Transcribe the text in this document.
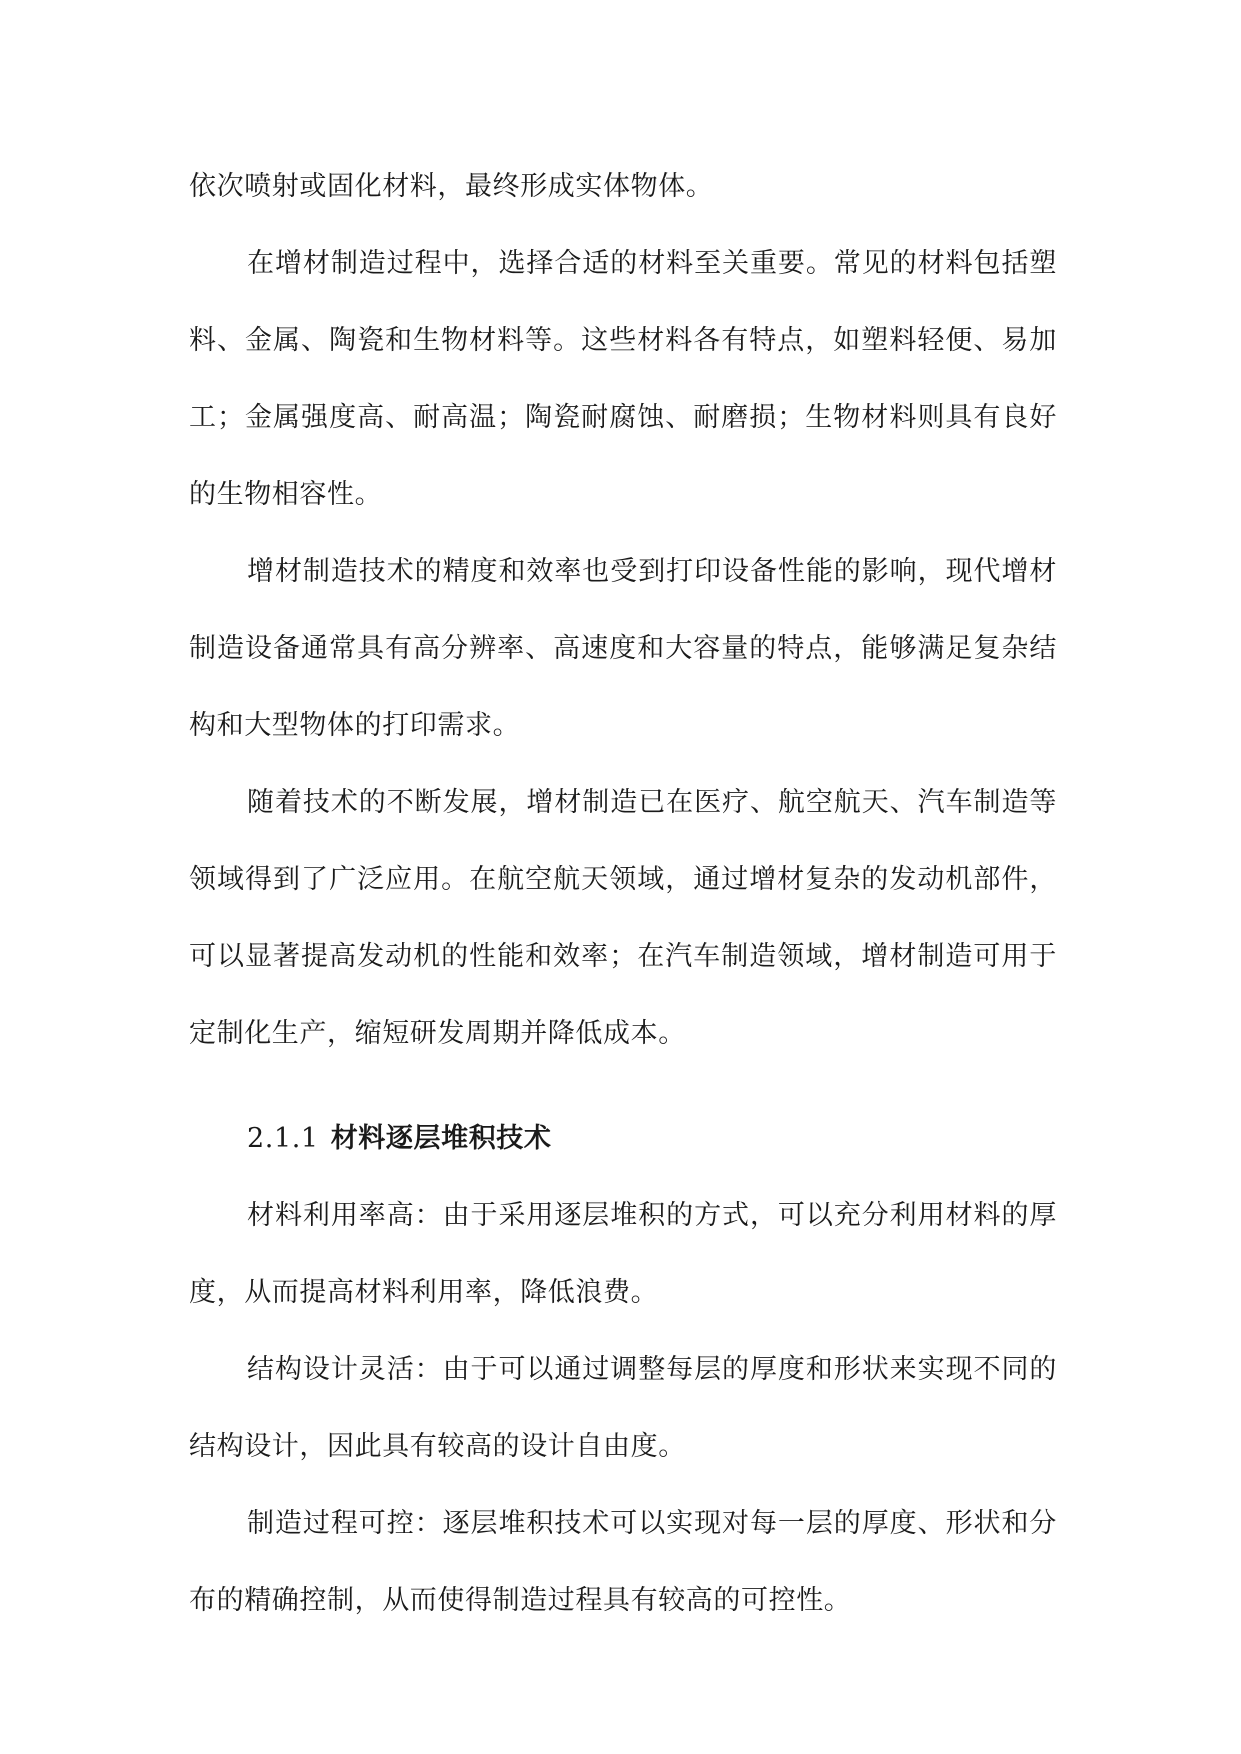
依次喷射或固化材料，最终形成实体物体。

在增材制造过程中，选择合适的材料至关重要。常见的材料包括塑料、金属、陶瓷和生物材料等。这些材料各有特点，如塑料轻便、易加工；金属强度高、耐高温；陶瓷耐腐蚀、耐磨损；生物材料则具有良好的生物相容性。

增材制造技术的精度和效率也受到打印设备性能的影响，现代增材制造设备通常具有高分辨率、高速度和大容量的特点，能够满足复杂结构和大型物体的打印需求。

随着技术的不断发展，增材制造已在医疗、航空航天、汽车制造等领域得到了广泛应用。在航空航天领域，通过增材复杂的发动机部件，可以显著提高发动机的性能和效率；在汽车制造领域，增材制造可用于定制化生产，缩短研发周期并降低成本。

2.1.1 材料逐层堆积技术

材料利用率高：由于采用逐层堆积的方式，可以充分利用材料的厚度，从而提高材料利用率，降低浪费。

结构设计灵活：由于可以通过调整每层的厚度和形状来实现不同的结构设计，因此具有较高的设计自由度。

制造过程可控：逐层堆积技术可以实现对每一层的厚度、形状和分布的精确控制，从而使得制造过程具有较高的可控性。
